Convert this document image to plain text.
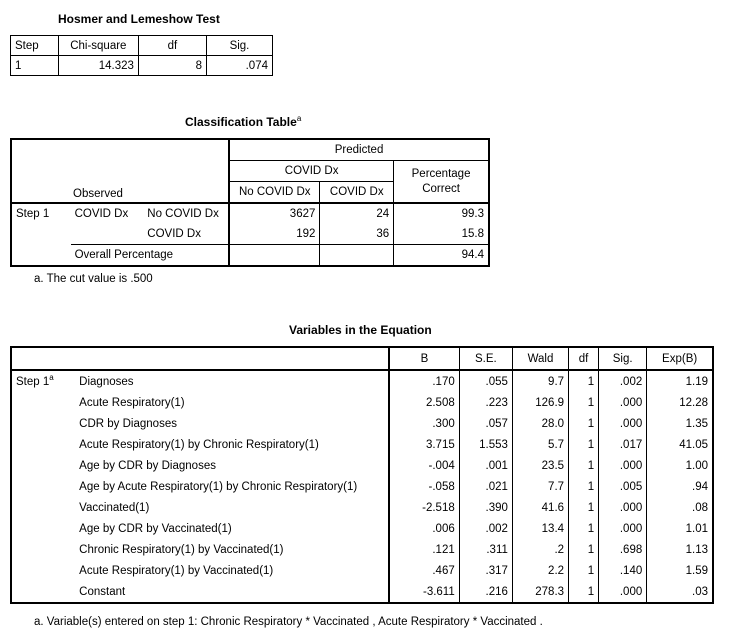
Hosmer and Lemeshow Test
Step	Chi-square	df	Sig.
1	14.323	8	.074
Classification Table$^a$
Observed			Predicted		
			COVID Dx		Percentage
Correct
			No COVID Dx	COVID Dx	
Step 1	COVID Dx	No COVID Dx	3627	24	99.3
		COVID Dx	192	36	15.8
	Overall Percentage				94.4
a. The cut value is .500
Variables in the Equation
		B	S.E.	Wald	df	Sig.	Exp(B)
Step 1$^a$	Diagnoses	.170	.055	9.7	1	.002	1.19
	Acute Respiratory(1)	2.508	.223	126.9	1	.000	12.28
	CDR by Diagnoses	.300	.057	28.0	1	.000	1.35
	Acute Respiratory(1) by Chronic Respiratory(1)	3.715	1.553	5.7	1	.017	41.05
	Age by CDR by Diagnoses	-.004	.001	23.5	1	.000	1.00
	Age by Acute Respiratory(1) by Chronic Respiratory(1)	-.058	.021	7.7	1	.005	.94
	Vaccinated(1)	-2.518	.390	41.6	1	.000	.08
	Age by CDR by Vaccinated(1)	.006	.002	13.4	1	.000	1.01
	Chronic Respiratory(1) by Vaccinated(1)	.121	.311	.2	1	.698	1.13
	Acute Respiratory(1) by Vaccinated(1)	.467	.317	2.2	1	.140	1.59
	Constant	-3.611	.216	278.3	1	.000	.03
a. Variable(s) entered on step 1: Chronic Respiratory * Vaccinated , Acute Respiratory * Vaccinated .
